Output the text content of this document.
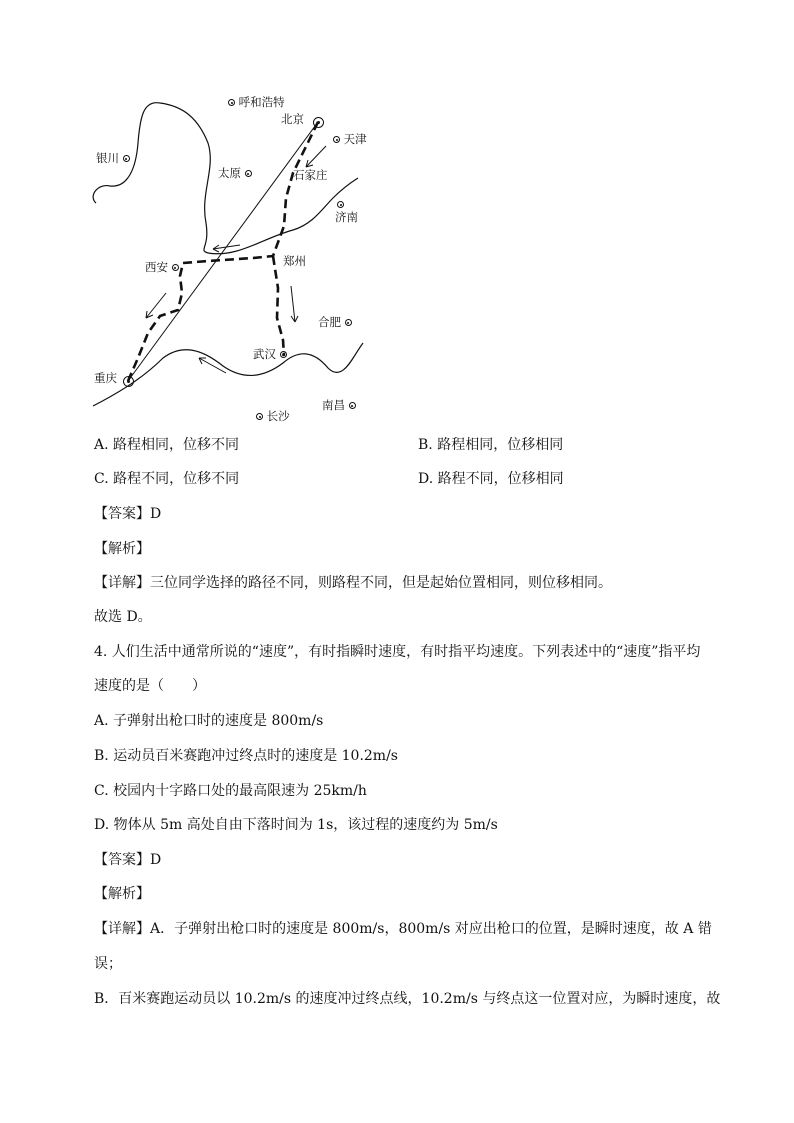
呼和浩特
北京
天津
银川
太原	石家庄

济南
郑州
西安
合肥
武汉
重庆
南昌
长沙
A. 路程相同，位移不同	B. 路程相同，位移相同
C. 路程不同，位移不同	D. 路程不同，位移相同
【答案】D
【解析】
【详解】三位同学选择的路径不同，则路程不同，但是起始位置相同，则位移相同。
故选 D。
4. 人们生活中通常所说的“速度”，有时指瞬时速度，有时指平均速度。下列表述中的“速度”指平均
速度的是（　　）
A. 子弹射出枪口时的速度是 800m/s
B. 运动员百米赛跑冲过终点时的速度是 10.2m/s
C. 校园内十字路口处的最高限速为 25km/h
D. 物体从 5m 高处自由下落时间为 1s，该过程的速度约为 5m/s
【答案】D
【解析】
【详解】A．子弹射出枪口时的速度是 800m/s，800m/s 对应出枪口的位置，是瞬时速度，故 A 错
误；
B．百米赛跑运动员以 10.2m/s 的速度冲过终点线，10.2m/s 与终点这一位置对应，为瞬时速度，故
